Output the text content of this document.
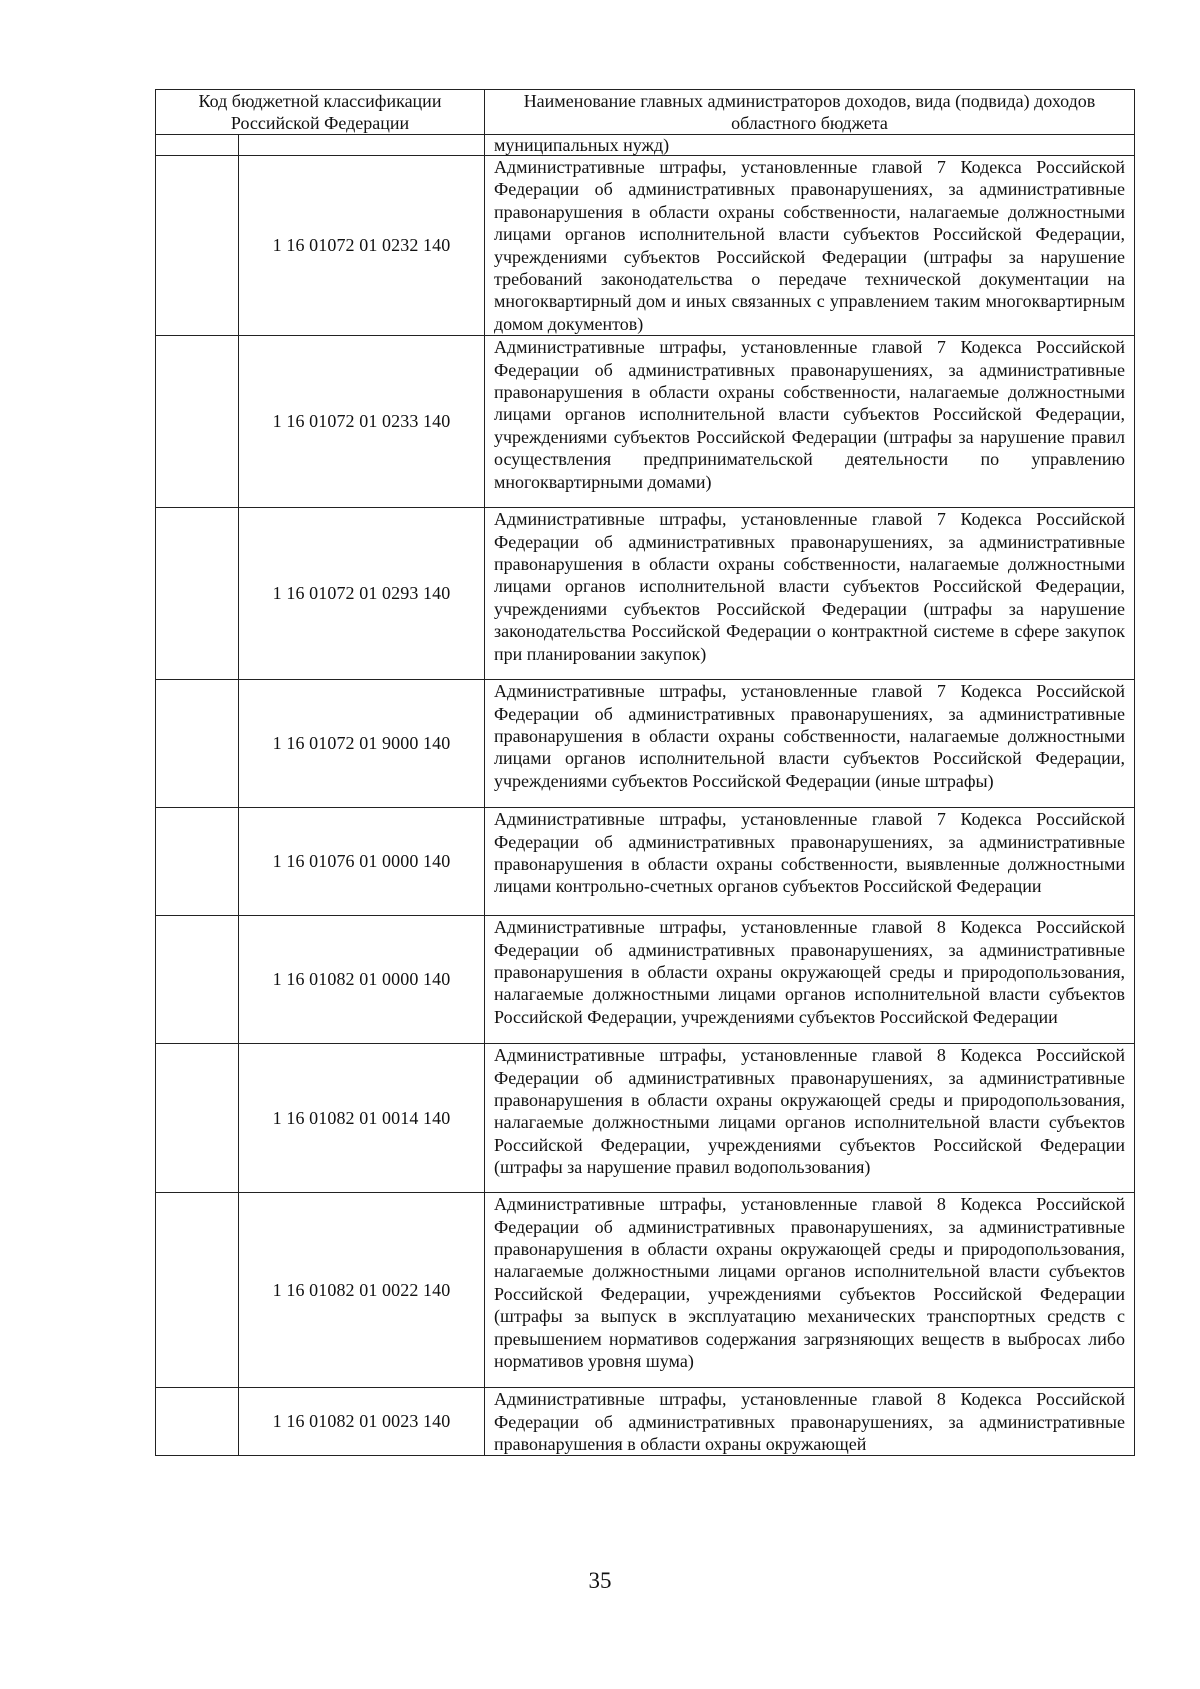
Код бюджетной классификации Российской Федерации		Наименование главных администраторов доходов, вида (подвида) доходов областного бюджета
		муниципальных нужд)
	1 16 01072 01 0232 140	Административные штрафы, установленные главой 7 Кодекса Российской Федерации об административных правонарушениях, за административные правонарушения в области охраны собственности, налагаемые должностными лицами органов исполнительной власти субъектов Российской Федерации, учреждениями субъектов Российской Федерации (штрафы за нарушение требований законодательства о передаче технической документации на многоквартирный дом и иных связанных с управлением таким многоквартирным домом документов)
	1 16 01072 01 0233 140	Административные штрафы, установленные главой 7 Кодекса Российской Федерации об административных правонарушениях, за административные правонарушения в области охраны собственности, налагаемые должностными лицами органов исполнительной власти субъектов Российской Федерации, учреждениями субъектов Российской Федерации (штрафы за нарушение правил осуществления предпринимательской деятельности по управлению многоквартирными домами)
	1 16 01072 01 0293 140	Административные штрафы, установленные главой 7 Кодекса Российской Федерации об административных правонарушениях, за административные правонарушения в области охраны собственности, налагаемые должностными лицами органов исполнительной власти субъектов Российской Федерации, учреждениями субъектов Российской Федерации (штрафы за нарушение законодательства Российской Федерации о контрактной системе в сфере закупок при планировании закупок)
	1 16 01072 01 9000 140	Административные штрафы, установленные главой 7 Кодекса Российской Федерации об административных правонарушениях, за административные правонарушения в области охраны собственности, налагаемые должностными лицами органов исполнительной власти субъектов Российской Федерации, учреждениями субъектов Российской Федерации (иные штрафы)
	1 16 01076 01 0000 140	Административные штрафы, установленные главой 7 Кодекса Российской Федерации об административных правонарушениях, за административные правонарушения в области охраны собственности, выявленные должностными лицами контрольно-счетных органов субъектов Российской Федерации
	1 16 01082 01 0000 140	Административные штрафы, установленные главой 8 Кодекса Российской Федерации об административных правонарушениях, за административные правонарушения в области охраны окружающей среды и природопользования, налагаемые должностными лицами органов исполнительной власти субъектов Российской Федерации, учреждениями субъектов Российской Федерации
	1 16 01082 01 0014 140	Административные штрафы, установленные главой 8 Кодекса Российской Федерации об административных правонарушениях, за административные правонарушения в области охраны окружающей среды и природопользования, налагаемые должностными лицами органов исполнительной власти субъектов Российской Федерации, учреждениями субъектов Российской Федерации (штрафы за нарушение правил водопользования)
	1 16 01082 01 0022 140	Административные штрафы, установленные главой 8 Кодекса Российской Федерации об административных правонарушениях, за административные правонарушения в области охраны окружающей среды и природопользования, налагаемые должностными лицами органов исполнительной власти субъектов Российской Федерации, учреждениями субъектов Российской Федерации (штрафы за выпуск в эксплуатацию механических транспортных средств с превышением нормативов содержания загрязняющих веществ в выбросах либо нормативов уровня шума)
	1 16 01082 01 0023 140	Административные штрафы, установленные главой 8 Кодекса Российской Федерации об административных правонарушениях, за административные правонарушения в области охраны окружающей
35
